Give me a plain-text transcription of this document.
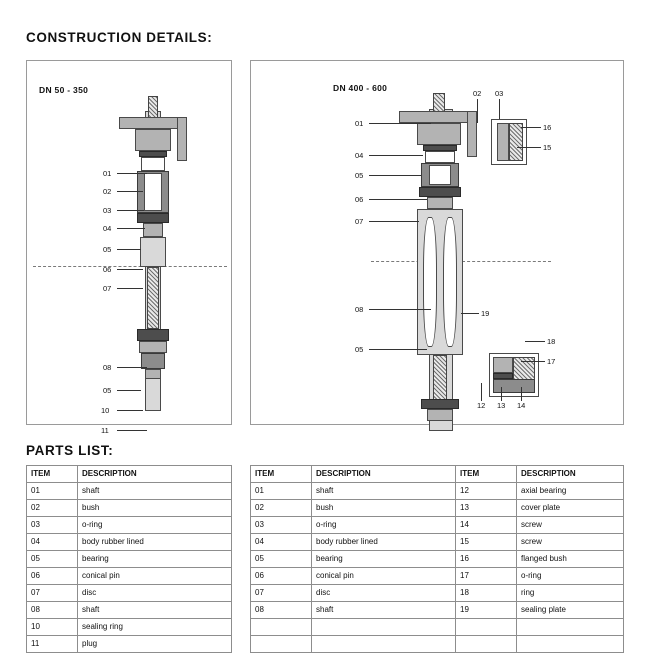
CONSTRUCTION DETAILS:
PARTS LIST:
DN 50 - 350
01
02
03
04
05
06
07
08
05
10
11
DN 400 - 600
01
04
05
06
07
08
05
02 03
16
15
19
18
17
12 13 14
ITEM	DESCRIPTION
01	shaft
02	bush
03	o-ring
04	body rubber lined
05	bearing
06	conical pin
07	disc
08	shaft
10	sealing ring
11	plug
ITEM	DESCRIPTION	ITEM	DESCRIPTION
01	shaft	12	axial bearing
02	bush	13	cover plate
03	o-ring	14	screw
04	body rubber lined	15	screw
05	bearing	16	flanged bush
06	conical pin	17	o-ring
07	disc	18	ring
08	shaft	19	sealing plate
